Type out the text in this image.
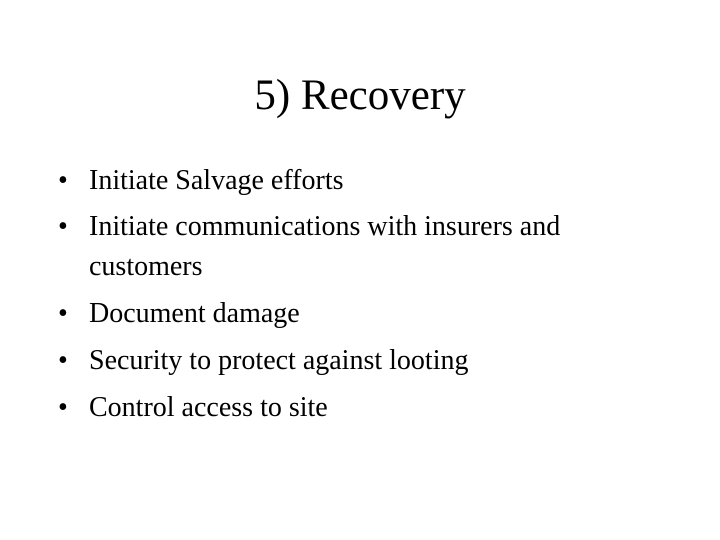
5) Recovery
• Initiate Salvage efforts
• Initiate communications with insurers and customers
• Document damage
• Security to protect against looting
• Control access to site
